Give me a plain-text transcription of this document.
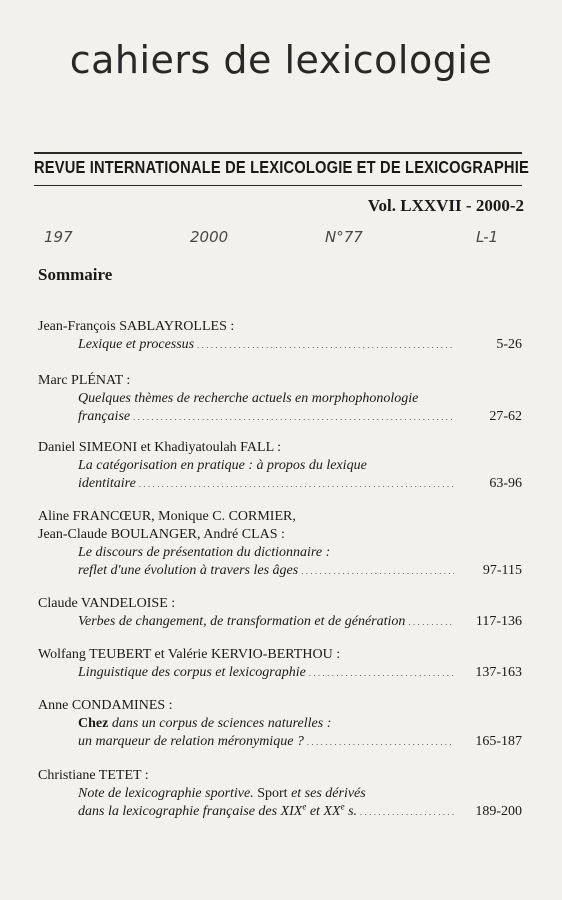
cahiers de lexicologie
REVUE INTERNATIONALE DE LEXICOLOGIE ET DE LEXICOGRAPHIE
Vol. LXXVII - 2000-2
197	2000	N°77	L-1
Sommaire
Jean-François SABLAYROLLES :
Lexique et processus . . .	5-26
Marc PLÉNAT :
Quelques thèmes de recherche actuels en morphophonologie
française . . .	27-62
Daniel SIMEONI et Khadiyatoulah FALL :
La catégorisation en pratique : à propos du lexique
identitaire . . .	63-96
Aline FRANCŒUR, Monique C. CORMIER,
Jean-Claude BOULANGER, André CLAS :
Le discours de présentation du dictionnaire :
reflet d'une évolution à travers les âges . . .	97-115
Claude VANDELOISE :
Verbes de changement, de transformation et de génération . . .	117-136
Wolfang TEUBERT et Valérie KERVIO-BERTHOU :
Linguistique des corpus et lexicographie . . .	137-163
Anne CONDAMINES :
Chez dans un corpus de sciences naturelles :
un marqueur de relation méronymique ? . . .	165-187
Christiane TETET :
Note de lexicographie sportive. Sport et ses dérivés
dans la lexicographie française des XIXe et XXe s. . . .	189-200
